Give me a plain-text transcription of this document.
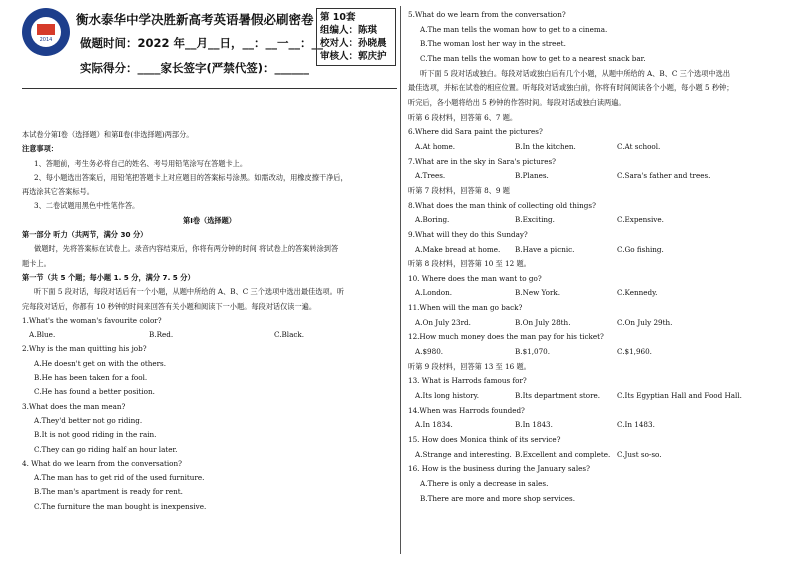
2014
衡水泰华中学决胜新高考英语暑假必刷密卷
做题时间：2022 年__月__日，__：__一__：__
实际得分：____家长签字(严禁代签)：______
第 10套
组编人：陈琪
校对人：孙晓晨
审核人：郭庆护

本试卷分第Ⅰ卷（选择题）和第Ⅱ卷(非选择题)两部分。

注意事项：

1、答题前，考生务必将自己的姓名、考号用铅笔涂写在答题卡上。

2、每小题选出答案后，用铅笔把答题卡上对应题目的答案标号涂黑。如需改动，用橡皮擦干净后，

再选涂其它答案标号。

3、二卷试题用黑色中性笔作答。

第Ⅰ卷（选择题）

第一部分 听力（共两节，满分 30 分）

做题时，先将答案标在试卷上。录音内容结束后，你将有两分钟的时间 将试卷上的答案转涂到答

题卡上。

第一节（共 5 个题；每小题 1. 5 分，满分 7. 5 分）

听下面 5 段对话，每段对话后有一个小题，从题中所给的 A、B、C 三个选项中选出最佳选项。听

完每段对话后，你都有 10 秒钟的时间来回答有关小题和阅读下一小题。每段对话仅读一遍。

1.What's the woman's favourite color?

A.Blue.	B.Red.	C.Black.

2.Why is the man quitting his job?

A.He doesn't get on with the others.

B.He has been taken for a fool.

C.He has found a better position.

3.What does the man mean?

A.They'd better not go riding.

B.It is not good riding in the rain.

C.They can go riding half an hour later.

4. What do we learn from the conversation?

A.The man has to get rid of the used furniture.

B.The man's apartment is ready for rent.

C.The furniture the man bought is inexpensive.

5.What do we learn from the conversation?

A.The man tells the woman how to get to a cinema.

B.The woman lost her way in the street.

C.The man tells the woman how to get to a nearest snack bar.

听下面 5 段对话或独白。每段对话或独白后有几个小题，从题中所给的 A、B、C 三个选项中选出

最佳选项，并标在试卷的相应位置。听每段对话或独白前，你将有时间阅读各个小题，每小题 5 秒钟；

听完后，各小题将给出 5 秒钟的作答时间。每段对话或独白读两遍。

听第 6 段材料，回答第 6、7 题。

6.Where did Sara paint the pictures?

A.At home.	B.In the kitchen.	C.At school.

7.What are in the sky in Sara's pictures?

A.Trees.	B.Planes.	C.Sara's father and trees.

听第 7 段材料，回答第 8、9 题

8.What does the man think of collecting old things?

A.Boring.	B.Exciting.	C.Expensive.

9.What will they do this Sunday?

A.Make bread at home.	B.Have a picnic.	C.Go fishing.

听第 8 段材料，回答第 10 至 12 题。

10. Where does the man want to go?

A.London.	B.New York.	C.Kennedy.

11.When will the man go back?

A.On July 23rd.	B.On July 28th.	C.On July 29th.

12.How much money does the man pay for his ticket?

A.$980.	B.$1,070.	C.$1,960.

听第 9 段材料，回答第 13 至 16 题。

13. What is Harrods famous for?

A.Its long history.	B.Its department store.	C.Its Egyptian Hall and Food Hall.

14.When was Harrods founded?

A.In 1834.	B.In 1843.	C.In 1483.

15. How does Monica think of its service?

A.Strange and interesting. B.Excellent and complete. C.Just so-so.

16. How is the business during the January sales?

A.There is only a decrease in sales.

B.There are more and more shop services.
